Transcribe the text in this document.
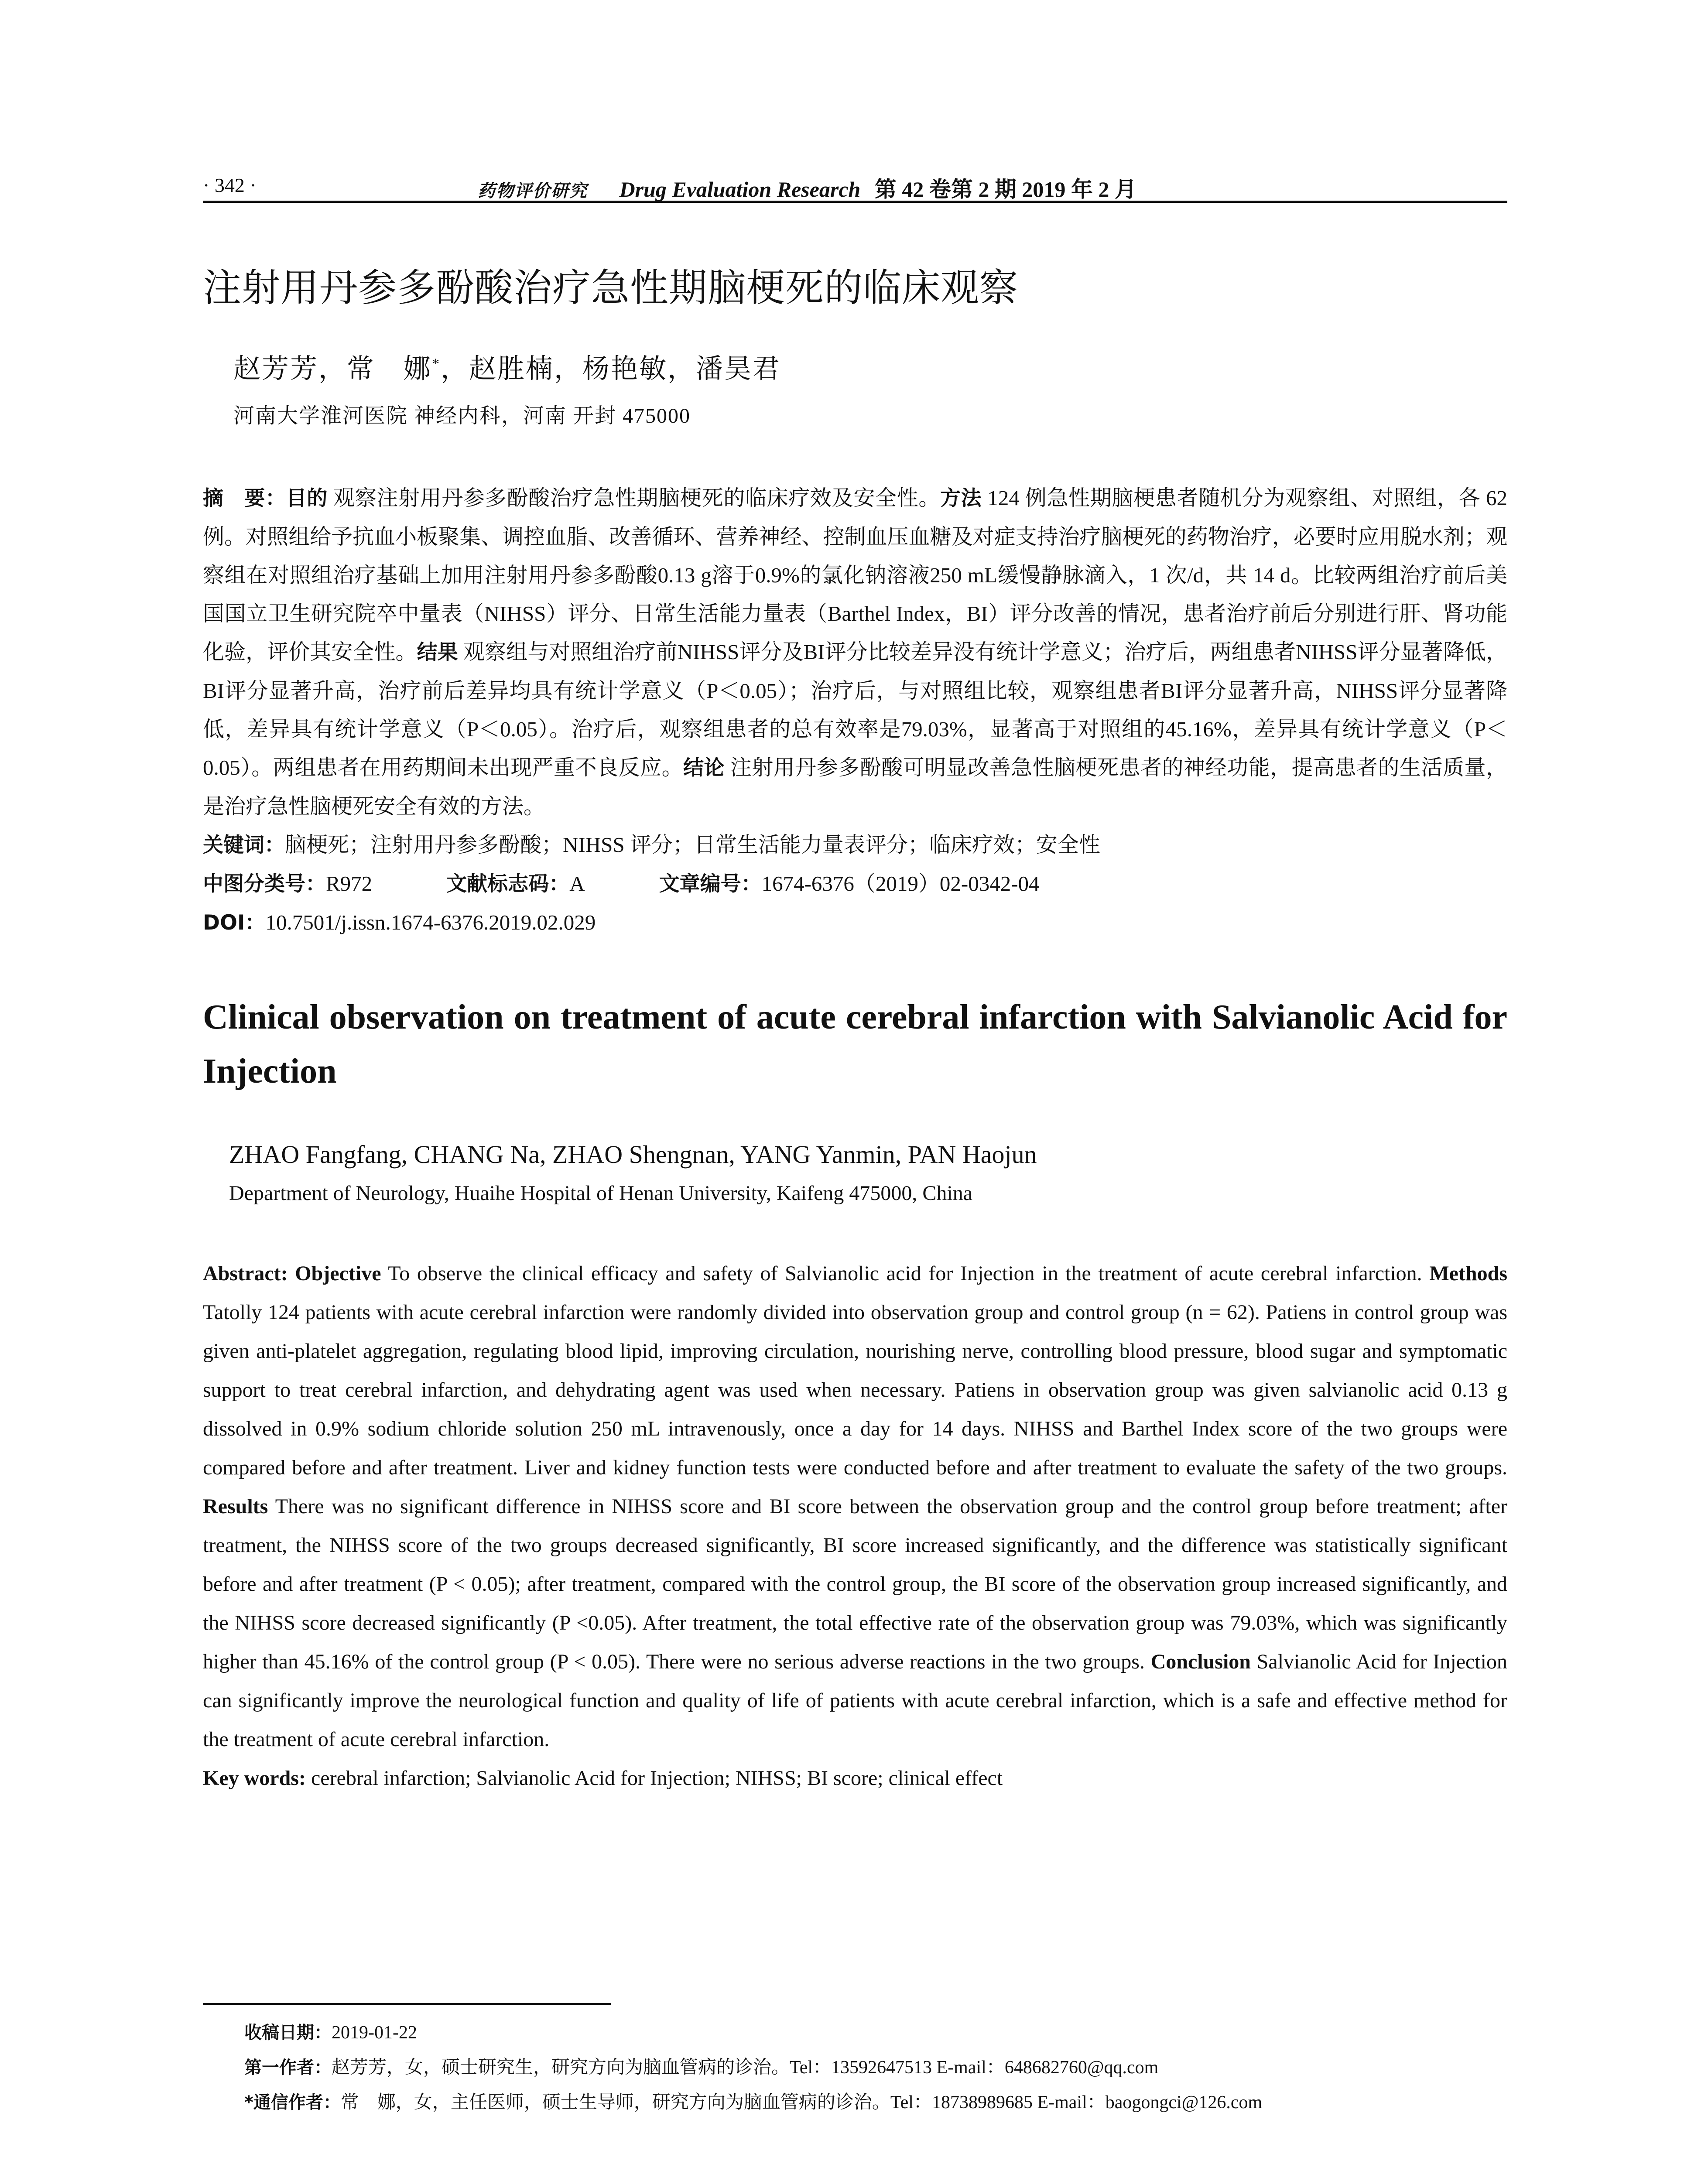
· 342 ·	药物评价研究 Drug Evaluation Research 第 42 卷第 2 期 2019 年 2 月
注射用丹参多酚酸治疗急性期脑梗死的临床观察
赵芳芳，常　娜*，赵胜楠，杨艳敏，潘昊君
河南大学淮河医院 神经内科，河南 开封 475000
摘　要：目的 观察注射用丹参多酚酸治疗急性期脑梗死的临床疗效及安全性。方法 124 例急性期脑梗患者随机分为观察组、对照组，各 62 例。对照组给予抗血小板聚集、调控血脂、改善循环、营养神经、控制血压血糖及对症支持治疗脑梗死的药物治疗，必要时应用脱水剂；观察组在对照组治疗基础上加用注射用丹参多酚酸0.13 g溶于0.9%的氯化钠溶液250 mL缓慢静脉滴入，1 次/d，共 14 d。比较两组治疗前后美国国立卫生研究院卒中量表（NIHSS）评分、日常生活能力量表（Barthel Index，BI）评分改善的情况，患者治疗前后分别进行肝、肾功能化验，评价其安全性。结果 观察组与对照组治疗前NIHSS评分及BI评分比较差异没有统计学意义；治疗后，两组患者NIHSS评分显著降低，BI评分显著升高，治疗前后差异均具有统计学意义（P＜0.05）；治疗后，与对照组比较，观察组患者BI评分显著升高，NIHSS评分显著降低，差异具有统计学意义（P＜0.05）。治疗后，观察组患者的总有效率是79.03%，显著高于对照组的45.16%，差异具有统计学意义（P＜0.05）。两组患者在用药期间未出现严重不良反应。结论 注射用丹参多酚酸可明显改善急性脑梗死患者的神经功能，提高患者的生活质量，是治疗急性脑梗死安全有效的方法。
关键词：脑梗死；注射用丹参多酚酸；NIHSS 评分；日常生活能力量表评分；临床疗效；安全性
中图分类号：R972	文献标志码：A	文章编号：1674-6376（2019）02-0342-04
DOI：10.7501/j.issn.1674-6376.2019.02.029
Clinical observation on treatment of acute cerebral infarction with Salvianolic Acid for Injection
ZHAO Fangfang, CHANG Na, ZHAO Shengnan, YANG Yanmin, PAN Haojun
Department of Neurology, Huaihe Hospital of Henan University, Kaifeng 475000, China
Abstract: Objective To observe the clinical efficacy and safety of Salvianolic acid for Injection in the treatment of acute cerebral infarction. Methods Tatolly 124 patients with acute cerebral infarction were randomly divided into observation group and control group (n = 62). Patiens in control group was given anti-platelet aggregation, regulating blood lipid, improving circulation, nourishing nerve, controlling blood pressure, blood sugar and symptomatic support to treat cerebral infarction, and dehydrating agent was used when necessary. Patiens in observation group was given salvianolic acid 0.13 g dissolved in 0.9% sodium chloride solution 250 mL intravenously, once a day for 14 days. NIHSS and Barthel Index score of the two groups were compared before and after treatment. Liver and kidney function tests were conducted before and after treatment to evaluate the safety of the two groups. Results There was no significant difference in NIHSS score and BI score between the observation group and the control group before treatment; after treatment, the NIHSS score of the two groups decreased significantly, BI score increased significantly, and the difference was statistically significant before and after treatment (P < 0.05); after treatment, compared with the control group, the BI score of the observation group increased significantly, and the NIHSS score decreased significantly (P <0.05). After treatment, the total effective rate of the observation group was 79.03%, which was significantly higher than 45.16% of the control group (P < 0.05). There were no serious adverse reactions in the two groups. Conclusion Salvianolic Acid for Injection can significantly improve the neurological function and quality of life of patients with acute cerebral infarction, which is a safe and effective method for the treatment of acute cerebral infarction.
Key words: cerebral infarction; Salvianolic Acid for Injection; NIHSS; BI score; clinical effect
收稿日期：2019-01-22
第一作者：赵芳芳，女，硕士研究生，研究方向为脑血管病的诊治。Tel：13592647513 E-mail：648682760@qq.com
*通信作者：常　娜，女，主任医师，硕士生导师，研究方向为脑血管病的诊治。Tel：18738989685 E-mail：baogongci@126.com
